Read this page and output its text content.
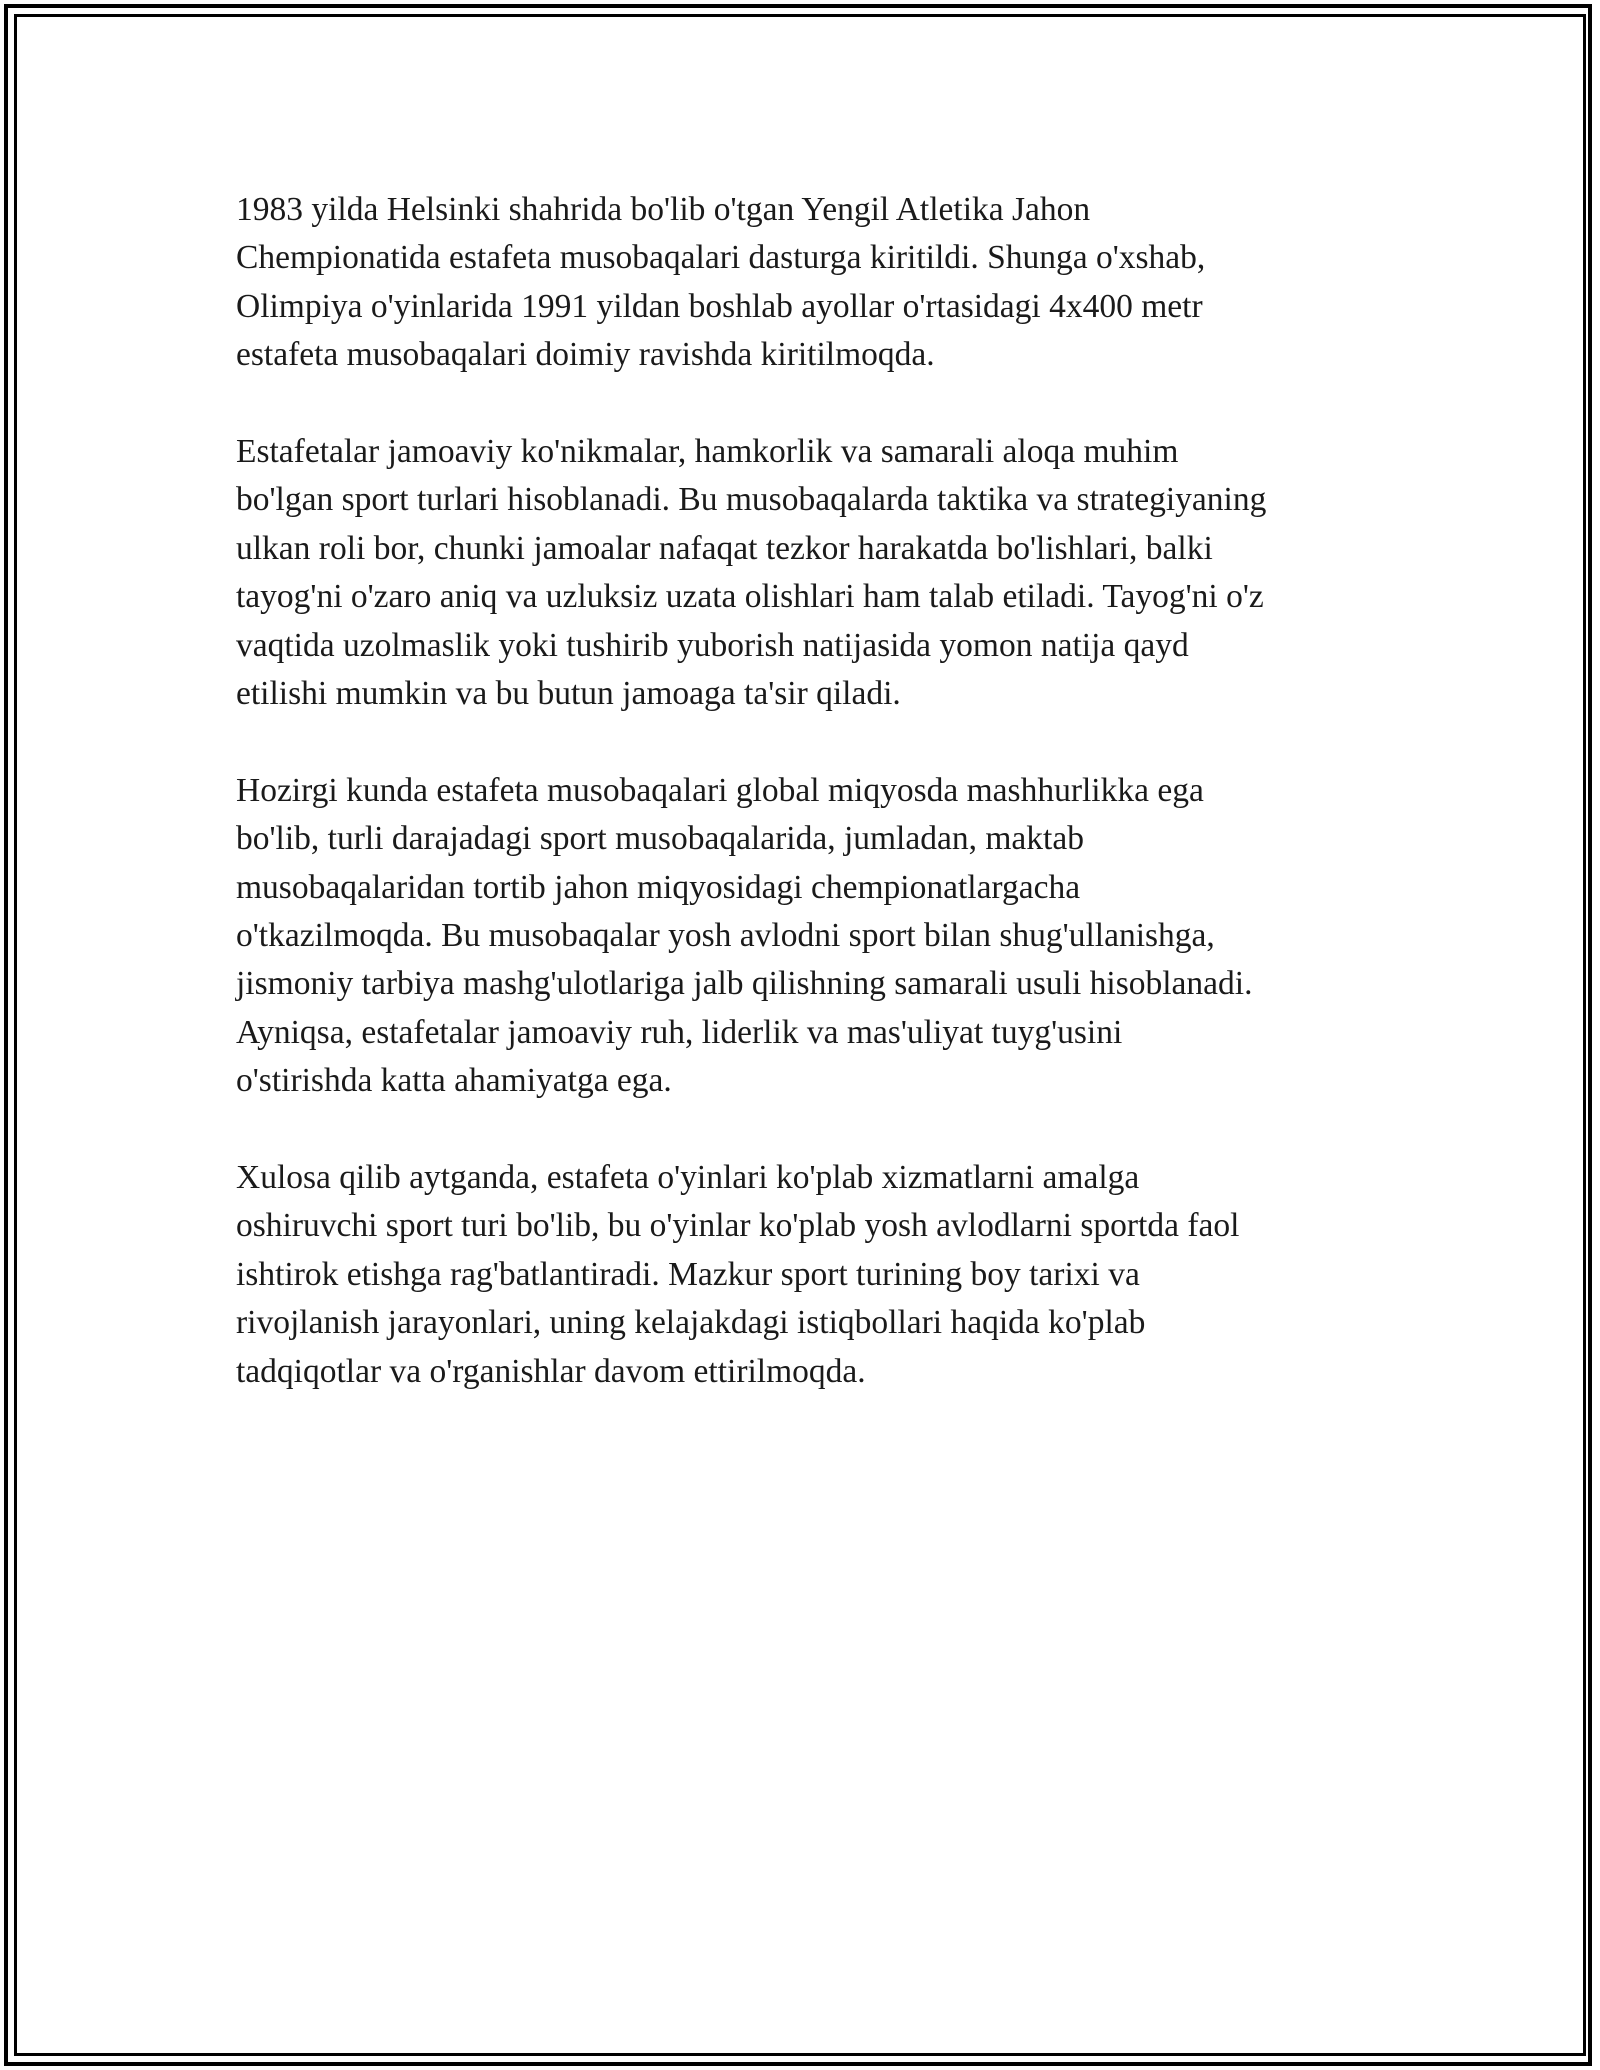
1983 yilda Helsinki shahrida bo'lib o'tgan Yengil Atletika Jahon
Chempionatida estafeta musobaqalari dasturga kiritildi. Shunga o'xshab,
Olimpiya o'yinlarida 1991 yildan boshlab ayollar o'rtasidagi 4x400 metr
estafeta musobaqalari doimiy ravishda kiritilmoqda.

Estafetalar jamoaviy ko'nikmalar, hamkorlik va samarali aloqa muhim
bo'lgan sport turlari hisoblanadi. Bu musobaqalarda taktika va strategiyaning
ulkan roli bor, chunki jamoalar nafaqat tezkor harakatda bo'lishlari, balki
tayog'ni o'zaro aniq va uzluksiz uzata olishlari ham talab etiladi. Tayog'ni o'z
vaqtida uzolmaslik yoki tushirib yuborish natijasida yomon natija qayd
etilishi mumkin va bu butun jamoaga ta'sir qiladi.

Hozirgi kunda estafeta musobaqalari global miqyosda mashhurlikka ega
bo'lib, turli darajadagi sport musobaqalarida, jumladan, maktab
musobaqalaridan tortib jahon miqyosidagi chempionatlargacha
o'tkazilmoqda. Bu musobaqalar yosh avlodni sport bilan shug'ullanishga,
jismoniy tarbiya mashg'ulotlariga jalb qilishning samarali usuli hisoblanadi.
Ayniqsa, estafetalar jamoaviy ruh, liderlik va mas'uliyat tuyg'usini
o'stirishda katta ahamiyatga ega.

Xulosa qilib aytganda, estafeta o'yinlari ko'plab xizmatlarni amalga
oshiruvchi sport turi bo'lib, bu o'yinlar ko'plab yosh avlodlarni sportda faol
ishtirok etishga rag'batlantiradi. Mazkur sport turining boy tarixi va
rivojlanish jarayonlari, uning kelajakdagi istiqbollari haqida ko'plab
tadqiqotlar va o'rganishlar davom ettirilmoqda.
